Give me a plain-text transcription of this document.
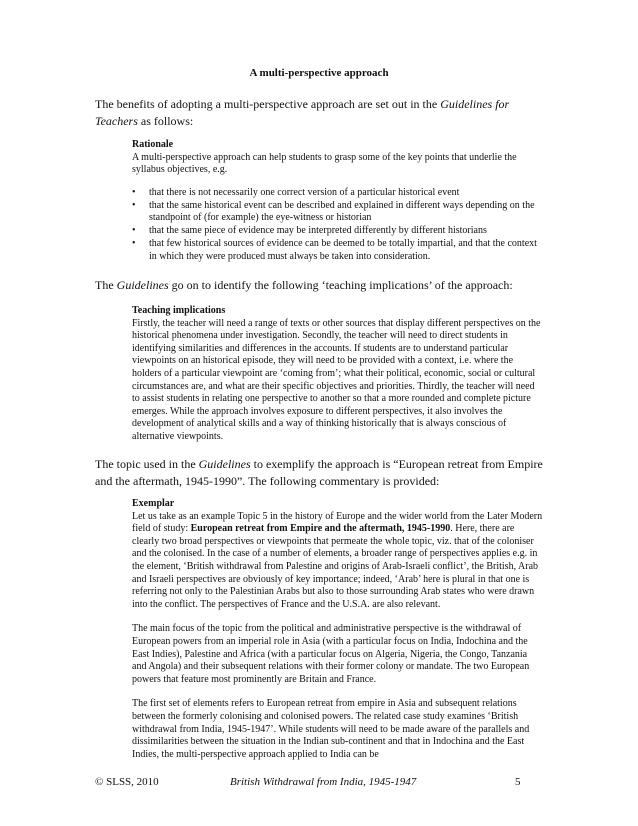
A multi-perspective approach
The benefits of adopting a multi-perspective approach are set out in the Guidelines for Teachers as follows:
Rationale
A multi-perspective approach can help students to grasp some of the key points that underlie the syllabus objectives, e.g.
• that there is not necessarily one correct version of a particular historical event
• that the same historical event can be described and explained in different ways depending on the standpoint of (for example) the eye-witness or historian
• that the same piece of evidence may be interpreted differently by different historians
• that few historical sources of evidence can be deemed to be totally impartial, and that the context in which they were produced must always be taken into consideration.
The Guidelines go on to identify the following ‘teaching implications’ of the approach:
Teaching implications
Firstly, the teacher will need a range of texts or other sources that display different perspectives on the historical phenomena under investigation. Secondly, the teacher will need to direct students in identifying similarities and differences in the accounts. If students are to understand particular viewpoints on an historical episode, they will need to be provided with a context, i.e. where the holders of a particular viewpoint are ‘coming from’; what their political, economic, social or cultural circumstances are, and what are their specific objectives and priorities. Thirdly, the teacher will need to assist students in relating one perspective to another so that a more rounded and complete picture emerges. While the approach involves exposure to different perspectives, it also involves the development of analytical skills and a way of thinking historically that is always conscious of alternative viewpoints.
The topic used in the Guidelines to exemplify the approach is “European retreat from Empire and the aftermath, 1945-1990”. The following commentary is provided:
Exemplar
Let us take as an example Topic 5 in the history of Europe and the wider world from the Later Modern field of study: European retreat from Empire and the aftermath, 1945-1990. Here, there are clearly two broad perspectives or viewpoints that permeate the whole topic, viz. that of the coloniser and the colonised. In the case of a number of elements, a broader range of perspectives applies e.g. in the element, ‘British withdrawal from Palestine and origins of Arab-Israeli conflict’, the British, Arab and Israeli perspectives are obviously of key importance; indeed, ‘Arab’ here is plural in that one is referring not only to the Palestinian Arabs but also to those surrounding Arab states who were drawn into the conflict. The perspectives of France and the U.S.A. are also relevant.
The main focus of the topic from the political and administrative perspective is the withdrawal of European powers from an imperial role in Asia (with a particular focus on India, Indochina and the East Indies), Palestine and Africa (with a particular focus on Algeria, Nigeria, the Congo, Tanzania and Angola) and their subsequent relations with their former colony or mandate. The two European powers that feature most prominently are Britain and France.
The first set of elements refers to European retreat from empire in Asia and subsequent relations between the formerly colonising and colonised powers. The related case study examines ‘British withdrawal from India, 1945-1947’. While students will need to be made aware of the parallels and dissimilarities between the situation in the Indian sub-continent and that in Indochina and the East Indies, the multi-perspective approach applied to India can be
© SLSS, 2010	British Withdrawal from India, 1945-1947	5
